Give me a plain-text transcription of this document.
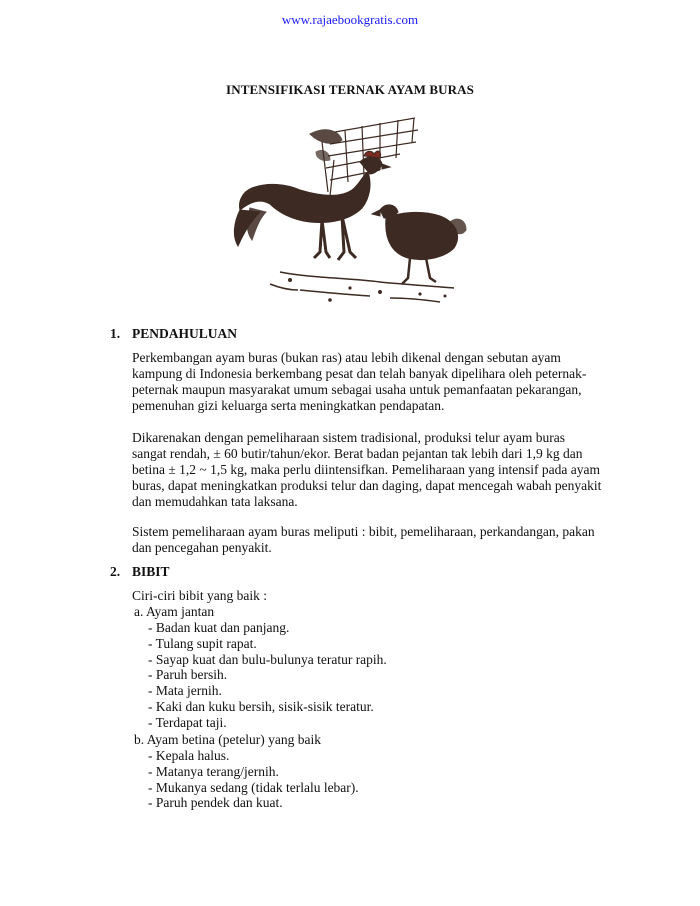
www.rajaebookgratis.com
INTENSIFIKASI TERNAK AYAM BURAS
1. PENDAHULUAN

Perkembangan ayam buras (bukan ras) atau lebih dikenal dengan sebutan ayam kampung di Indonesia berkembang pesat dan telah banyak dipelihara oleh peternak-peternak maupun masyarakat umum sebagai usaha untuk pemanfaatan pekarangan, pemenuhan gizi keluarga serta meningkatkan pendapatan.

Dikarenakan dengan pemeliharaan sistem tradisional, produksi telur ayam buras sangat rendah, ± 60 butir/tahun/ekor. Berat badan pejantan tak lebih dari 1,9 kg dan betina ± 1,2 ~ 1,5 kg, maka perlu diintensifkan. Pemeliharaan yang intensif pada ayam buras, dapat meningkatkan produksi telur dan daging, dapat mencegah wabah penyakit dan memudahkan tata laksana.

Sistem pemeliharaan ayam buras meliputi : bibit, pemeliharaan, perkandangan, pakan dan pencegahan penyakit.

2. BIBIT
Ciri-ciri bibit yang baik :
a. Ayam jantan
- Badan kuat dan panjang.
- Tulang supit rapat.
- Sayap kuat dan bulu-bulunya teratur rapih.
- Paruh bersih.
- Mata jernih.
- Kaki dan kuku bersih, sisik-sisik teratur.
- Terdapat taji.
b. Ayam betina (petelur) yang baik
- Kepala halus.
- Matanya terang/jernih.
- Mukanya sedang (tidak terlalu lebar).
- Paruh pendek dan kuat.
